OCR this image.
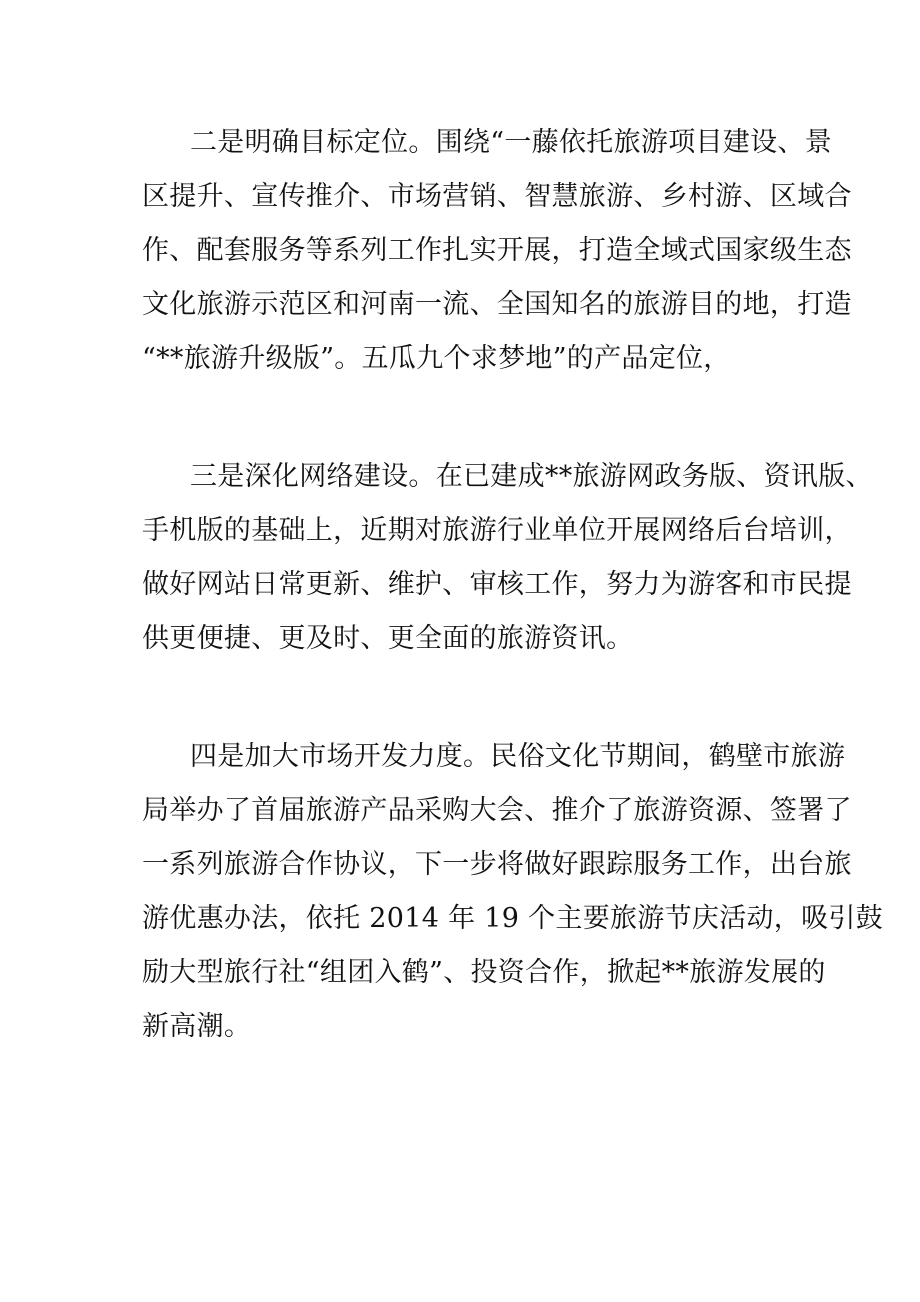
二是明确目标定位。围绕“一藤依托旅游项目建设、景
区提升、宣传推介、市场营销、智慧旅游、乡村游、区域合
作、配套服务等系列工作扎实开展，打造全域式国家级生态
文化旅游示范区和河南一流、全国知名的旅游目的地，打造
“**旅游升级版”。五瓜九个求梦地”的产品定位，
三是深化网络建设。在已建成**旅游网政务版、资讯版、
手机版的基础上，近期对旅游行业单位开展网络后台培训，
做好网站日常更新、维护、审核工作，努力为游客和市民提
供更便捷、更及时、更全面的旅游资讯。
四是加大市场开发力度。民俗文化节期间，鹤壁市旅游
局举办了首届旅游产品采购大会、推介了旅游资源、签署了
一系列旅游合作协议，下一步将做好跟踪服务工作，出台旅
游优惠办法，依托 2014 年 19 个主要旅游节庆活动，吸引鼓
励大型旅行社“组团入鹤”、投资合作，掀起**旅游发展的
新高潮。
